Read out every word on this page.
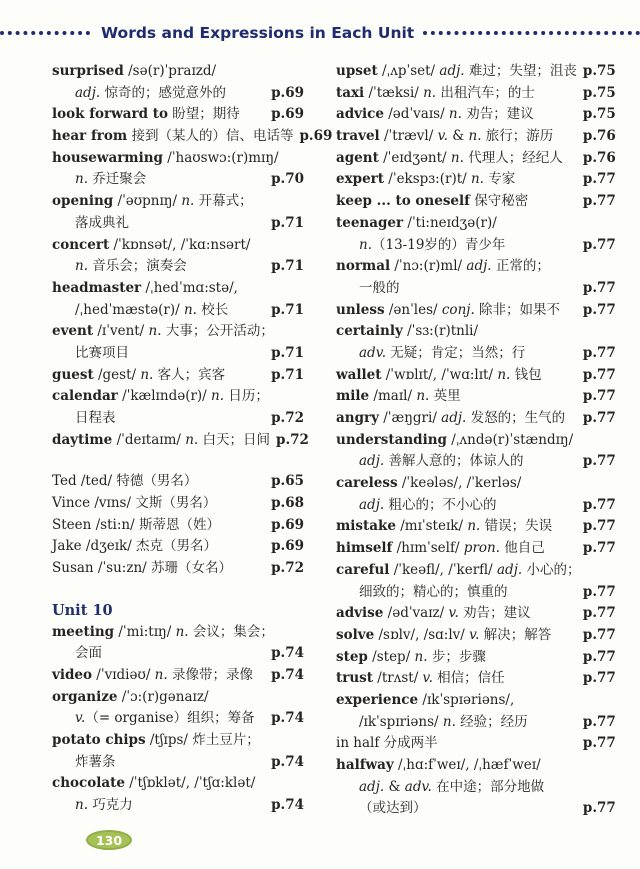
Words and Expressions in Each Unit
surprised /sə(r)ˈpraɪzd/
adj. 惊奇的；感觉意外的	p.69
look forward to 盼望；期待	p.69
hear from 接到（某人的）信、电话等 p.69
housewarming /ˈhaʊswɔ:(r)mɪŋ/
n. 乔迁聚会	p.70
opening /ˈəʊpnɪŋ/ n. 开幕式；
落成典礼	p.71
concert /ˈkɒnsət/, /ˈkɑ:nsərt/
n. 音乐会；演奏会	p.71
headmaster /ˌhedˈmɑ:stə/,
/ˌhedˈmæstə(r)/ n. 校长	p.71
event /ɪˈvent/ n. 大事；公开活动；
比赛项目	p.71
guest /gest/ n. 客人；宾客	p.71
calendar /ˈkælɪndə(r)/ n. 日历；
日程表	p.72
daytime /ˈdeɪtaɪm/ n. 白天；日间 p.72
Ted /ted/ 特德（男名）	p.65
Vince /vɪns/ 文斯（男名）	p.68
Steen /sti:n/ 斯蒂恩（姓）	p.69
Jake /dʒeɪk/ 杰克（男名）	p.69
Susan /ˈsu:zn/ 苏珊（女名）	p.72
Unit 10
meeting /ˈmi:tɪŋ/ n. 会议；集会；
会面	p.74
video /ˈvɪdiəʊ/ n. 录像带；录像	p.74
organize /ˈɔ:(r)gənaɪz/
v.（= organise）组织；筹备	p.74
potato chips /tʃɪps/ 炸土豆片；
炸薯条	p.74
chocolate /ˈtʃɒklət/, /ˈtʃɑ:klət/
n. 巧克力	p.74
upset /ˌʌpˈset/ adj. 难过；失望；沮丧 p.75
taxi /ˈtæksi/ n. 出租汽车；的士	p.75
advice /ədˈvaɪs/ n. 劝告；建议	p.75
travel /ˈtrævl/ v. & n. 旅行；游历	p.76
agent /ˈeɪdʒənt/ n. 代理人；经纪人	p.76
expert /ˈekspɜ:(r)t/ n. 专家	p.77
keep ... to oneself 保守秘密	p.77
teenager /ˈti:neɪdʒə(r)/
n.（13-19岁的）青少年	p.77
normal /ˈnɔ:(r)ml/ adj. 正常的；
一般的	p.77
unless /ənˈles/ conj. 除非；如果不	p.77
certainly /ˈsɜ:(r)tnli/
adv. 无疑；肯定；当然；行	p.77
wallet /ˈwɒlɪt/, /ˈwɑ:lɪt/ n. 钱包	p.77
mile /maɪl/ n. 英里	p.77
angry /ˈæŋgri/ adj. 发怒的；生气的	p.77
understanding /ˌʌndə(r)ˈstændɪŋ/
adj. 善解人意的；体谅人的	p.77
careless /ˈkeələs/, /ˈkerləs/
adj. 粗心的；不小心的	p.77
mistake /mɪˈsteɪk/ n. 错误；失误	p.77
himself /hɪmˈself/ pron. 他自己	p.77
careful /ˈkeəfl/, /ˈkerfl/ adj. 小心的；
细致的；精心的；慎重的	p.77
advise /ədˈvaɪz/ v. 劝告；建议	p.77
solve /sɒlv/, /sɑ:lv/ v. 解决；解答	p.77
step /step/ n. 步；步骤	p.77
trust /trʌst/ v. 相信；信任	p.77
experience /ɪkˈspɪəriəns/,
/ɪkˈspɪriəns/ n. 经验；经历	p.77
in half 分成两半	p.77
halfway /ˌhɑ:fˈweɪ/, /ˌhæfˈweɪ/
adj. & adv. 在中途；部分地做
（或达到）	p.77
130
